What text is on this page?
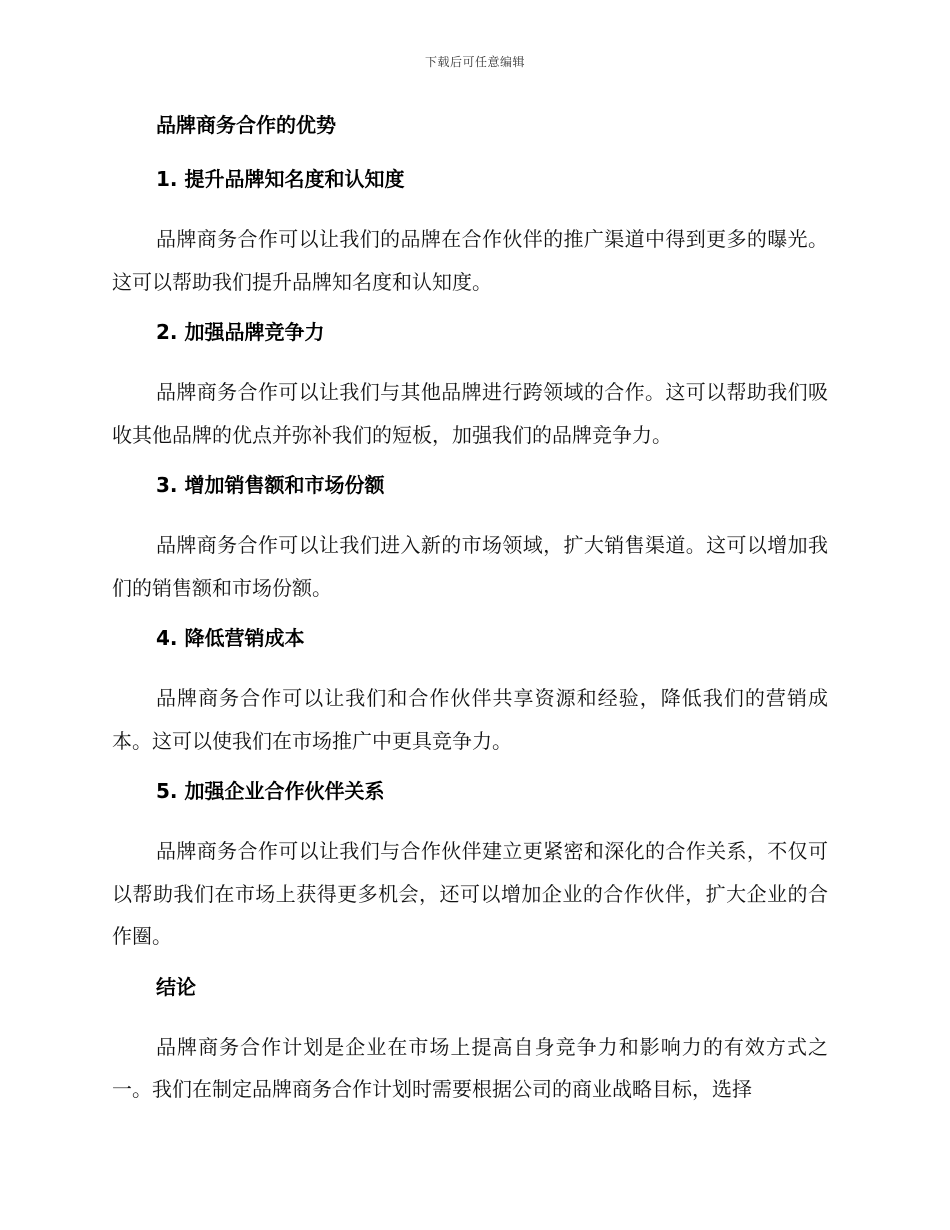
下载后可任意编辑
品牌商务合作的优势
1. 提升品牌知名度和认知度

品牌商务合作可以让我们的品牌在合作伙伴的推广渠道中得到更多的曝光。这可以帮助我们提升品牌知名度和认知度。

2. 加强品牌竞争力

品牌商务合作可以让我们与其他品牌进行跨领域的合作。这可以帮助我们吸收其他品牌的优点并弥补我们的短板，加强我们的品牌竞争力。

3. 增加销售额和市场份额

品牌商务合作可以让我们进入新的市场领域，扩大销售渠道。这可以增加我们的销售额和市场份额。

4. 降低营销成本

品牌商务合作可以让我们和合作伙伴共享资源和经验，降低我们的营销成本。这可以使我们在市场推广中更具竞争力。

5. 加强企业合作伙伴关系

品牌商务合作可以让我们与合作伙伴建立更紧密和深化的合作关系，不仅可以帮助我们在市场上获得更多机会，还可以增加企业的合作伙伴，扩大企业的合作圈。

结论

品牌商务合作计划是企业在市场上提高自身竞争力和影响力的有效方式之一。我们在制定品牌商务合作计划时需要根据公司的商业战略目标，选择
